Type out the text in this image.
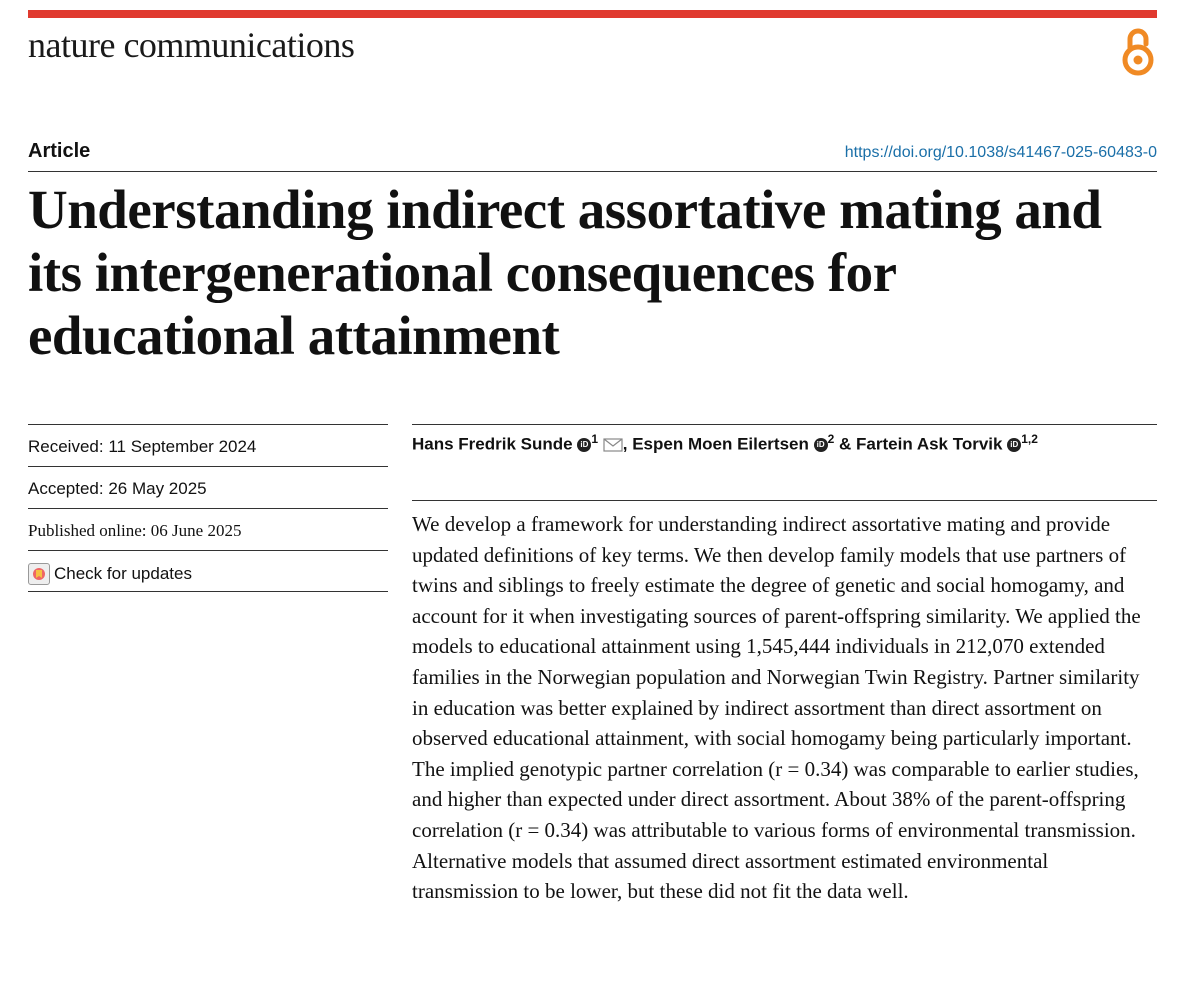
nature communications
Article	https://doi.org/10.1038/s41467-025-60483-0
Understanding indirect assortative mating and its intergenerational consequences for educational attainment
Received: 11 September 2024
Accepted: 26 May 2025
Published online: 06 June 2025
Check for updates
Hans Fredrik Sunde iD $^1$ , Espen Moen Eilertsen iD $^2$ & Fartein Ask Torvik iD $^{1,2}$

We develop a framework for understanding indirect assortative mating and provide updated definitions of key terms. We then develop family models that use partners of twins and siblings to freely estimate the degree of genetic and social homogamy, and account for it when investigating sources of parent-offspring similarity. We applied the models to educational attainment using 1,545,444 individuals in 212,070 extended families in the Norwegian population and Norwegian Twin Registry. Partner similarity in education was better explained by indirect assortment than direct assortment on observed educational attainment, with social homogamy being particularly important. The implied genotypic partner correlation (r = 0.34) was comparable to earlier studies, and higher than expected under direct assortment. About 38% of the parent-offspring correlation (r = 0.34) was attributable to various forms of environmental transmission. Alternative models that assumed direct assortment estimated environmental transmission to be lower, but these did not fit the data well.
